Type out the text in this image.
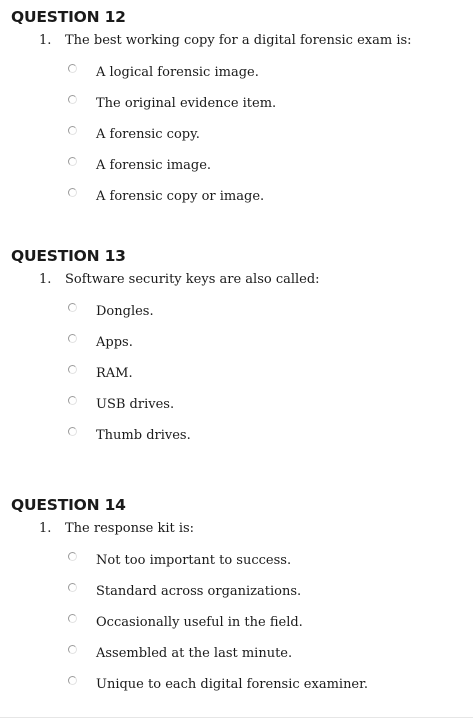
QUESTION 12
1. The best working copy for a digital forensic exam is:
A logical forensic image.
The original evidence item.
A forensic copy.
A forensic image.
A forensic copy or image.
QUESTION 13
1. Software security keys are also called:
Dongles.
Apps.
RAM.
USB drives.
Thumb drives.
QUESTION 14
1. The response kit is:
Not too important to success.
Standard across organizations.
Occasionally useful in the field.
Assembled at the last minute.
Unique to each digital forensic examiner.
